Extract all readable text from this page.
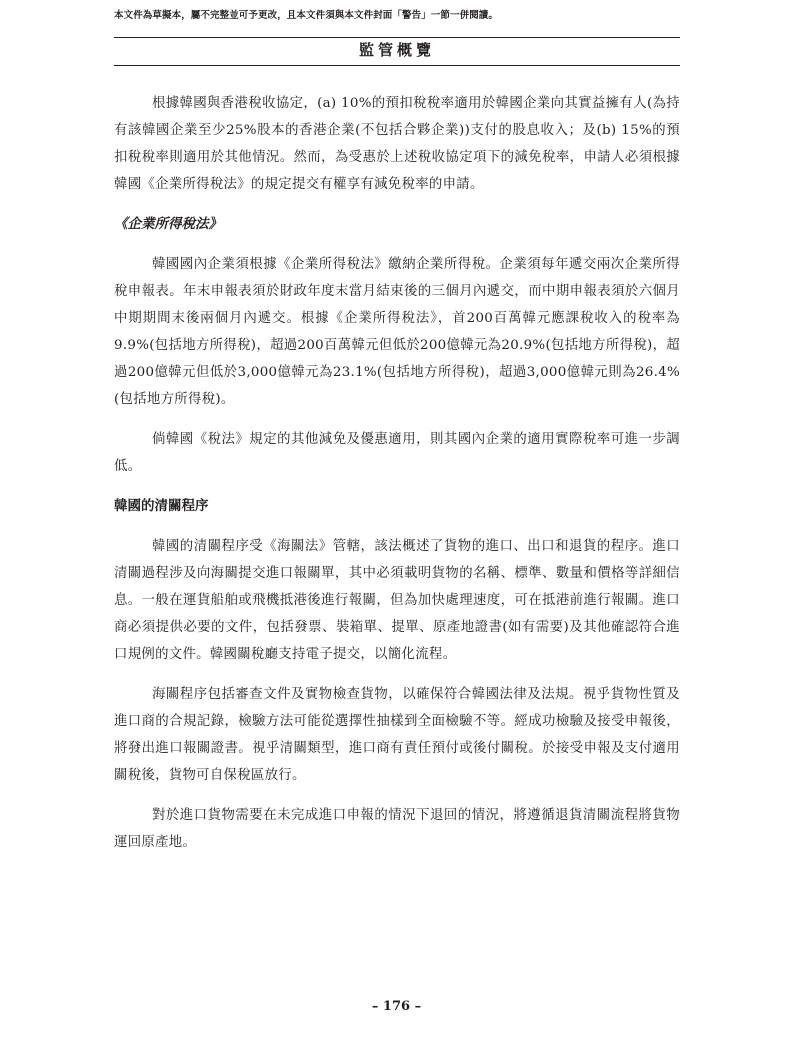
本文件為草擬本，屬不完整並可予更改，且本文件須與本文件封面「警告」一節一併閱讀。
監管概覽

根據韓國與香港稅收協定，(a) 10%的預扣稅稅率適用於韓國企業向其實益擁有人(為持有該韓國企業至少25%股本的香港企業(不包括合夥企業))支付的股息收入；及(b) 15%的預扣稅稅率則適用於其他情況。然而，為受惠於上述稅收協定項下的減免稅率，申請人必須根據韓國《企業所得稅法》的規定提交有權享有減免稅率的申請。

《企業所得稅法》

韓國國內企業須根據《企業所得稅法》繳納企業所得稅。企業須每年遞交兩次企業所得稅申報表。年末申報表須於財政年度末當月結束後的三個月內遞交，而中期申報表須於六個月中期期間末後兩個月內遞交。根據《企業所得稅法》，首200百萬韓元應課稅收入的稅率為9.9%(包括地方所得稅)，超過200百萬韓元但低於200億韓元為20.9%(包括地方所得稅)，超過200億韓元但低於3,000億韓元為23.1%(包括地方所得稅)，超過3,000億韓元則為26.4%(包括地方所得稅)。

倘韓國《稅法》規定的其他減免及優惠適用，則其國內企業的適用實際稅率可進一步調低。

韓國的清關程序

韓國的清關程序受《海關法》管轄，該法概述了貨物的進口、出口和退貨的程序。進口清關過程涉及向海關提交進口報關單，其中必須載明貨物的名稱、標準、數量和價格等詳細信息。一般在運貨船舶或飛機抵港後進行報關，但為加快處理速度，可在抵港前進行報關。進口商必須提供必要的文件，包括發票、裝箱單、提單、原產地證書(如有需要)及其他確認符合進口規例的文件。韓國關稅廳支持電子提交，以簡化流程。

海關程序包括審查文件及實物檢查貨物，以確保符合韓國法律及法規。視乎貨物性質及進口商的合規記錄，檢驗方法可能從選擇性抽樣到全面檢驗不等。經成功檢驗及接受申報後，將發出進口報關證書。視乎清關類型，進口商有責任預付或後付關稅。於接受申報及支付適用關稅後，貨物可自保稅區放行。

對於進口貨物需要在未完成進口申報的情況下退回的情況，將遵循退貨清關流程將貨物運回原產地。

– 176 –
